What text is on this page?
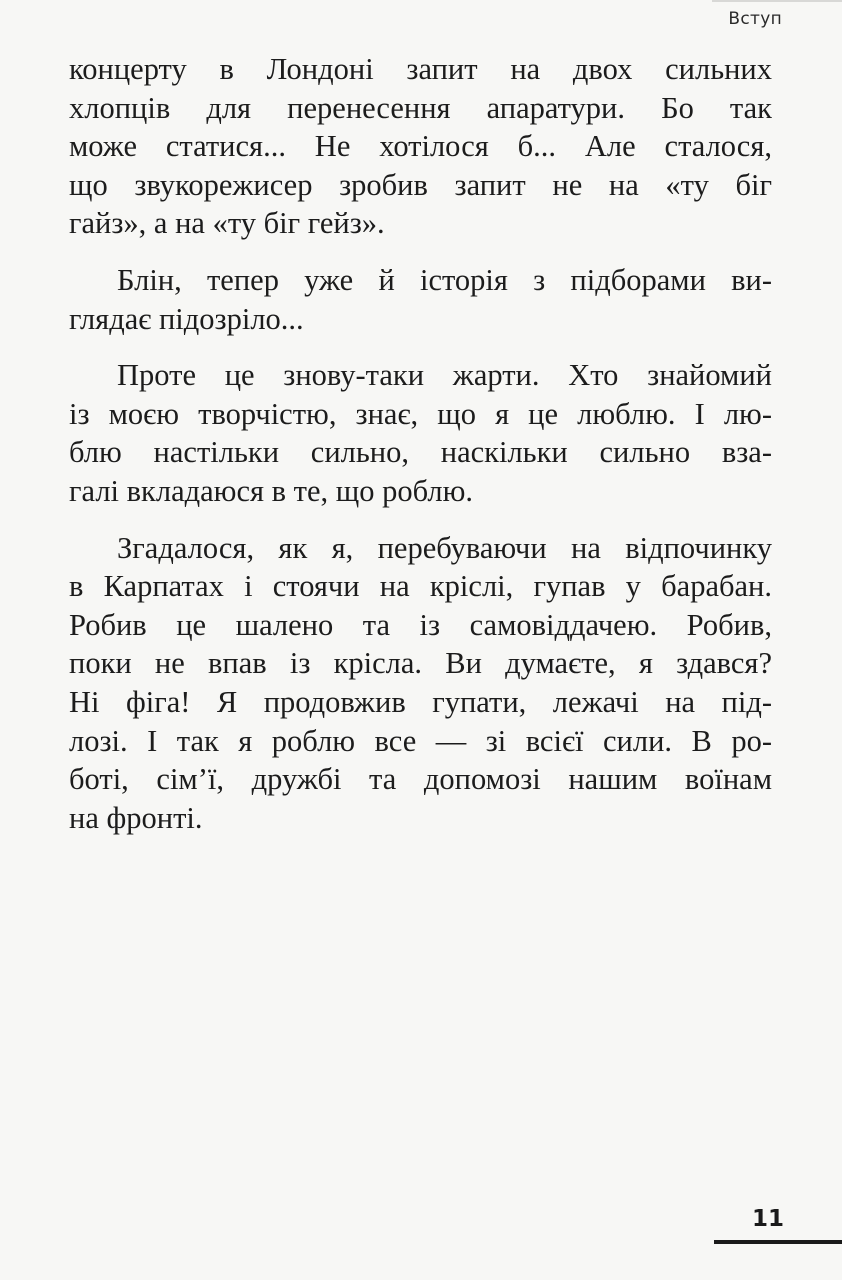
Вступ

концерту в Лондоні запит на двох сильних
хлопців для перенесення апаратури. Бо так
може статися... Не хотілося б... Але сталося,
що звукорежисер зробив запит не на «ту біг
гайз», а на «ту біг гейз».

Блін, тепер уже й історія з підборами ви-
глядає підозріло...

Проте це знову-таки жарти. Хто знайомий
із моєю творчістю, знає, що я це люблю. І лю-
блю настільки сильно, наскільки сильно вза-
галі вкладаюся в те, що роблю.

Згадалося, як я, перебуваючи на відпочинку
в Карпатах і стоячи на кріслі, гупав у барабан.
Робив це шалено та із самовіддачею. Робив,
поки не впав із крісла. Ви думаєте, я здався?
Ні фіга! Я продовжив гупати, лежачі на під-
лозі. І так я роблю все — зі всієї сили. В ро-
боті, сім’ї, дружбі та допомозі нашим воїнам
на фронті.

11
